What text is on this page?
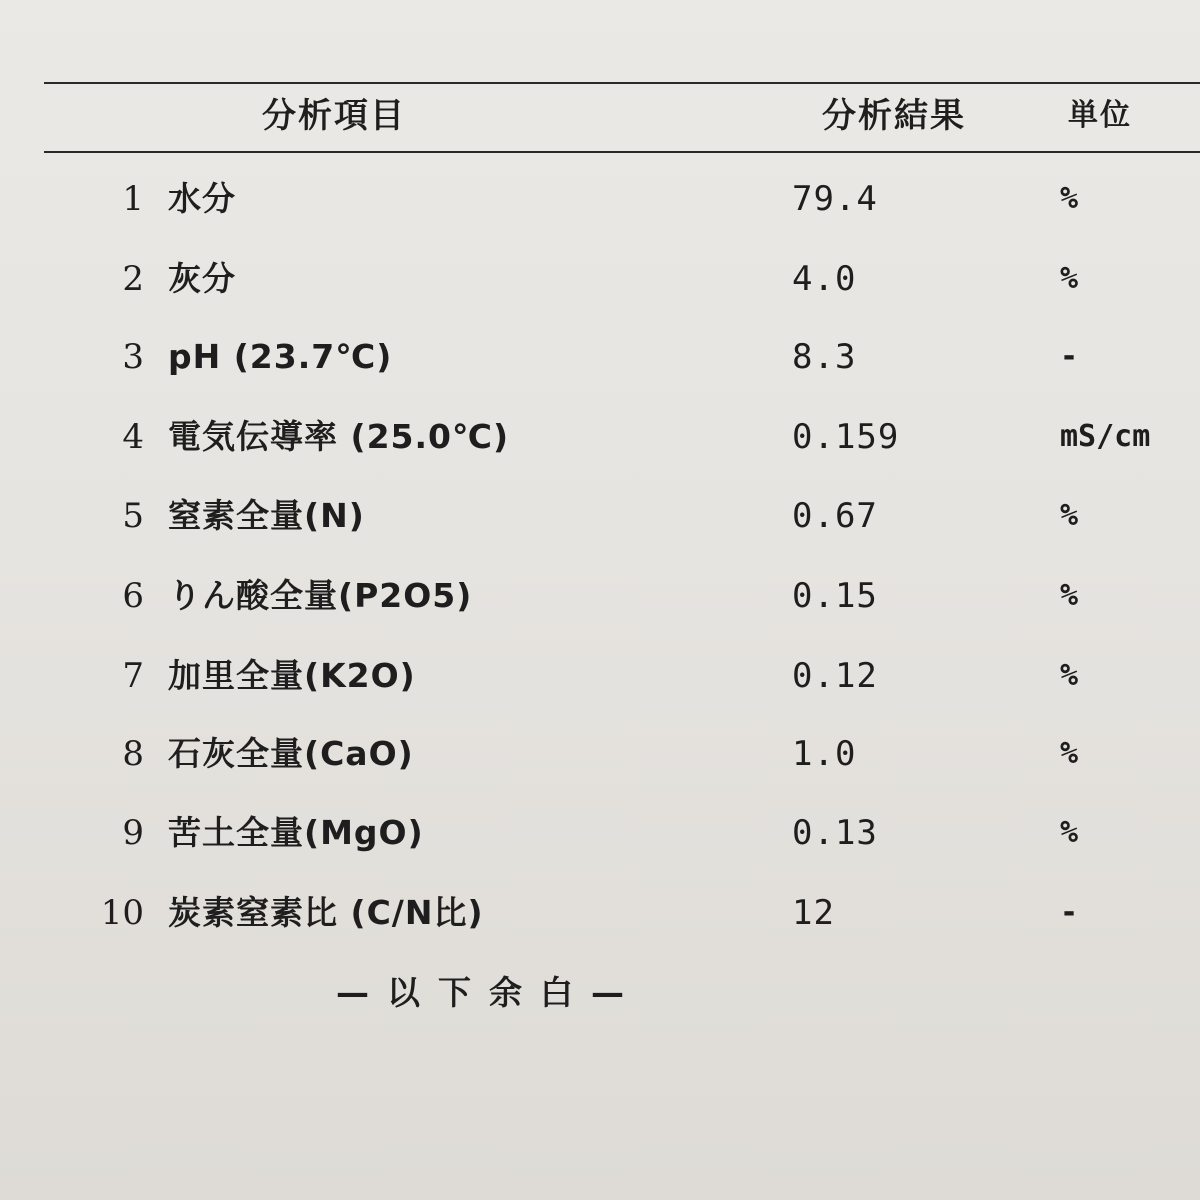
分析項目	分析結果	単位
1 水分	79.4	%
2 灰分	4.0	%
3 pH (23.7℃)	8.3	-
4 電気伝導率 (25.0℃)	0.159	mS/cm
5 窒素全量(N)	0.67	%
6 りん酸全量(P2O5)	0.15	%
7 加里全量(K2O)	0.12	%
8 石灰全量(CaO)	1.0	%
9 苦土全量(MgO)	0.13	%
10 炭素窒素比 (C/N比)	12	-
—以下余白—
